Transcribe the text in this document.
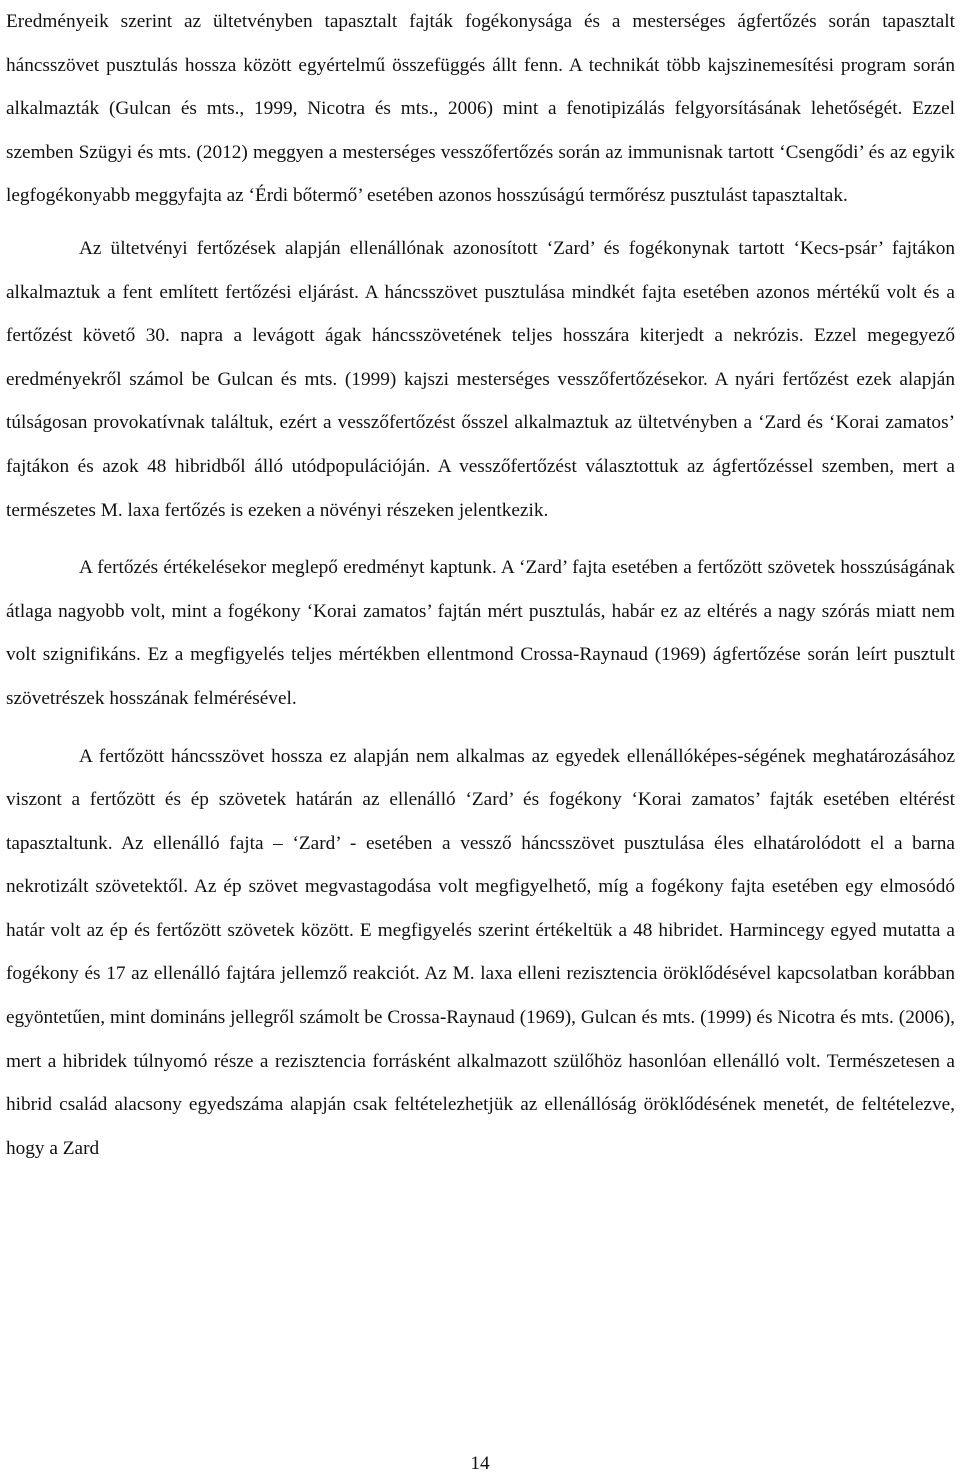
Eredményeik szerint az ültetvényben tapasztalt fajták fogékonysága és a mesterséges ágfertőzés során tapasztalt háncsszövet pusztulás hossza között egyértelmű összefüggés állt fenn. A technikát több kajszinemesítési program során alkalmazták (Gulcan és mts., 1999, Nicotra és mts., 2006) mint a fenotipizálás felgyorsításának lehetőségét. Ezzel szemben Szügyi és mts. (2012) meggyen a mesterséges vesszőfertőzés során az immunisnak tartott ‘Csengődi’ és az egyik legfogékonyabb meggyfajta az ‘Érdi bőtermő’ esetében azonos hosszúságú termőrész pusztulást tapasztaltak.

Az ültetvényi fertőzések alapján ellenállónak azonosított ‘Zard’ és fogékonynak tartott ‘Kecs-psár’ fajtákon alkalmaztuk a fent említett fertőzési eljárást. A háncsszövet pusztulása mindkét fajta esetében azonos mértékű volt és a fertőzést követő 30. napra a levágott ágak háncsszövetének teljes hosszára kiterjedt a nekrózis. Ezzel megegyező eredményekről számol be Gulcan és mts. (1999) kajszi mesterséges vesszőfertőzésekor. A nyári fertőzést ezek alapján túlságosan provokatívnak találtuk, ezért a vesszőfertőzést ősszel alkalmaztuk az ültetvényben a ‘Zard és ‘Korai zamatos’ fajtákon és azok 48 hibridből álló utódpopulációján. A vesszőfertőzést választottuk az ágfertőzéssel szemben, mert a természetes M. laxa fertőzés is ezeken a növényi részeken jelentkezik.

A fertőzés értékelésekor meglepő eredményt kaptunk. A ‘Zard’ fajta esetében a fertőzött szövetek hosszúságának átlaga nagyobb volt, mint a fogékony ‘Korai zamatos’ fajtán mért pusztulás, habár ez az eltérés a nagy szórás miatt nem volt szignifikáns. Ez a megfigyelés teljes mértékben ellentmond Crossa-Raynaud (1969) ágfertőzése során leírt pusztult szövetrészek hosszának felmérésével.

A fertőzött háncsszövet hossza ez alapján nem alkalmas az egyedek ellenállóképes-ségének meghatározásához viszont a fertőzött és ép szövetek határán az ellenálló ‘Zard’ és fogékony ‘Korai zamatos’ fajták esetében eltérést tapasztaltunk. Az ellenálló fajta – ‘Zard’ - esetében a vessző háncsszövet pusztulása éles elhatárolódott el a barna nekrotizált szövetektől. Az ép szövet megvastagodása volt megfigyelhető, míg a fogékony fajta esetében egy elmosódó határ volt az ép és fertőzött szövetek között. E megfigyelés szerint értékeltük a 48 hibridet. Harmincegy egyed mutatta a fogékony és 17 az ellenálló fajtára jellemző reakciót. Az M. laxa elleni rezisztencia öröklődésével kapcsolatban korábban egyöntetűen, mint domináns jellegről számolt be Crossa-Raynaud (1969), Gulcan és mts. (1999) és Nicotra és mts. (2006), mert a hibridek túlnyomó része a rezisztencia forrásként alkalmazott szülőhöz hasonlóan ellenálló volt. Természetesen a hibrid család alacsony egyedszáma alapján csak feltételezhetjük az ellenállóság öröklődésének menetét, de feltételezve, hogy a Zard

14
